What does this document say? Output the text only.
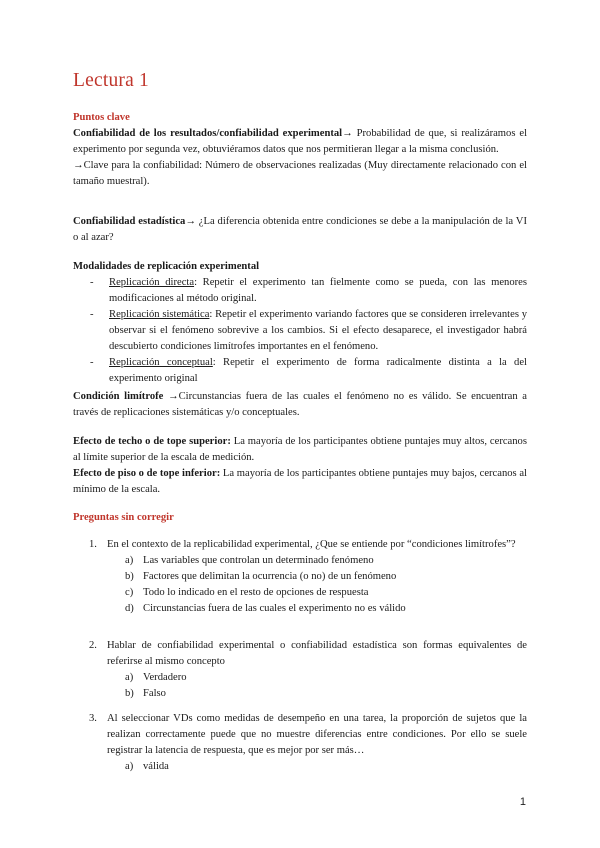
Lectura 1
Puntos clave
Confiabilidad de los resultados/confiabilidad experimental→ Probabilidad de que, si realizáramos el experimento por segunda vez, obtuviéramos datos que nos permitieran llegar a la misma conclusión.
→Clave para la confiabilidad: Número de observaciones realizadas (Muy directamente relacionado con el tamaño muestral).
Confiabilidad estadística→ ¿La diferencia obtenida entre condiciones se debe a la manipulación de la VI o al azar?
Modalidades de replicación experimental
- Replicación directa: Repetir el experimento tan fielmente como se pueda, con las menores modificaciones al método original.
- Replicación sistemática: Repetir el experimento variando factores que se consideren irrelevantes y observar si el fenómeno sobrevive a los cambios. Si el efecto desaparece, el investigador habrá descubierto condiciones limítrofes importantes en el fenómeno.
- Replicación conceptual: Repetir el experimento de forma radicalmente distinta a la del experimento original
Condición limítrofe →Circunstancias fuera de las cuales el fenómeno no es válido. Se encuentran a través de replicaciones sistemáticas y/o conceptuales.
Efecto de techo o de tope superior: La mayoría de los participantes obtiene puntajes muy altos, cercanos al límite superior de la escala de medición.
Efecto de piso o de tope inferior: La mayoría de los participantes obtiene puntajes muy bajos, cercanos al mínimo de la escala.
Preguntas sin corregir
1. En el contexto de la replicabilidad experimental, ¿Que se entiende por “condiciones limítrofes”?
a) Las variables que controlan un determinado fenómeno
b) Factores que delimitan la ocurrencia (o no) de un fenómeno
c) Todo lo indicado en el resto de opciones de respuesta
d) Circunstancias fuera de las cuales el experimento no es válido
2. Hablar de confiabilidad experimental o confiabilidad estadística son formas equivalentes de referirse al mismo concepto
a) Verdadero
b) Falso
3. Al seleccionar VDs como medidas de desempeño en una tarea, la proporción de sujetos que la realizan correctamente puede que no muestre diferencias entre condiciones. Por ello se suele registrar la latencia de respuesta, que es mejor por ser más…
a) válida
1
